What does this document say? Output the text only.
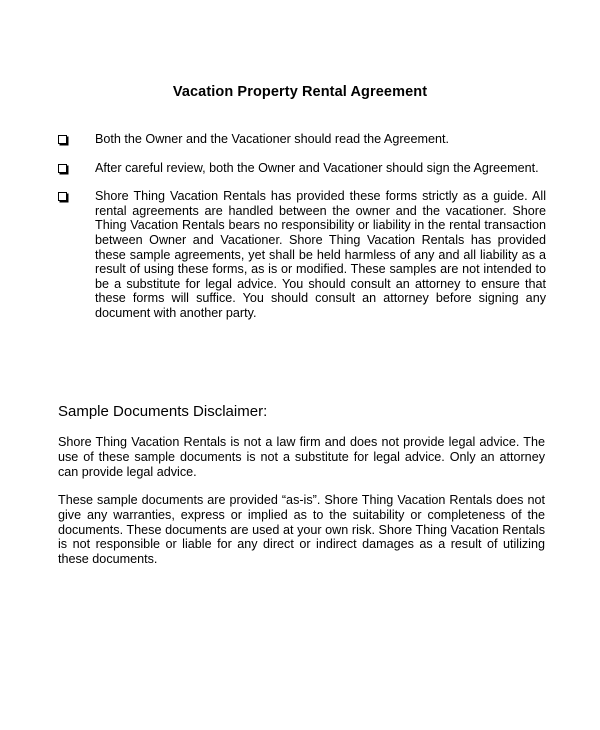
Vacation Property Rental Agreement
Both the Owner and the Vacationer should read the Agreement.
After careful review, both the Owner and Vacationer should sign the Agreement.
Shore Thing Vacation Rentals has provided these forms strictly as a guide. All rental agreements are handled between the owner and the vacationer. Shore Thing Vacation Rentals bears no responsibility or liability in the rental transaction between Owner and Vacationer. Shore Thing Vacation Rentals has provided these sample agreements, yet shall be held harmless of any and all liability as a result of using these forms, as is or modified. These samples are not intended to be a substitute for legal advice. You should consult an attorney to ensure that these forms will suffice. You should consult an attorney before signing any document with another party.
Sample Documents Disclaimer:
Shore Thing Vacation Rentals is not a law firm and does not provide legal advice. The use of these sample documents is not a substitute for legal advice. Only an attorney can provide legal advice.
These sample documents are provided “as-is”. Shore Thing Vacation Rentals does not give any warranties, express or implied as to the suitability or completeness of the documents. These documents are used at your own risk. Shore Thing Vacation Rentals is not responsible or liable for any direct or indirect damages as a result of utilizing these documents.
